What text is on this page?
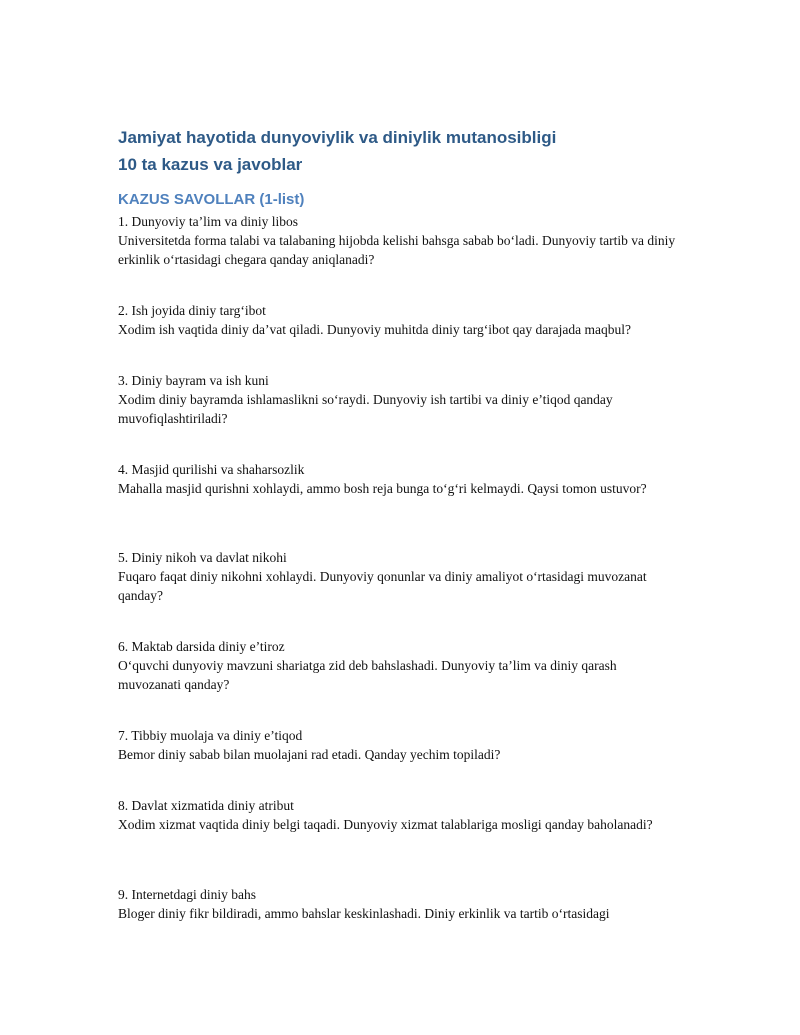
Jamiyat hayotida dunyoviylik va diniylik mutanosibligi

10 ta kazus va javoblar

KAZUS SAVOLLAR (1-list)

1. Dunyoviy ta’lim va diniy libos

Universitetda forma talabi va talabaning hijobda kelishi bahsga sabab bo‘ladi. Dunyoviy tartib va diniy erkinlik o‘rtasidagi chegara qanday aniqlanadi?

2. Ish joyida diniy targ‘ibot

Xodim ish vaqtida diniy da’vat qiladi. Dunyoviy muhitda diniy targ‘ibot qay darajada maqbul?

3. Diniy bayram va ish kuni

Xodim diniy bayramda ishlamaslikni so‘raydi. Dunyoviy ish tartibi va diniy e’tiqod qanday muvofiqlashtiriladi?

4. Masjid qurilishi va shaharsozlik

Mahalla masjid qurishni xohlaydi, ammo bosh reja bunga to‘g‘ri kelmaydi. Qaysi tomon ustuvor?

5. Diniy nikoh va davlat nikohi

Fuqaro faqat diniy nikohni xohlaydi. Dunyoviy qonunlar va diniy amaliyot o‘rtasidagi muvozanat qanday?

6. Maktab darsida diniy e’tiroz

O‘quvchi dunyoviy mavzuni shariatga zid deb bahslashadi. Dunyoviy ta’lim va diniy qarash muvozanati qanday?

7. Tibbiy muolaja va diniy e’tiqod

Bemor diniy sabab bilan muolajani rad etadi. Qanday yechim topiladi?

8. Davlat xizmatida diniy atribut

Xodim xizmat vaqtida diniy belgi taqadi. Dunyoviy xizmat talablariga mosligi qanday baholanadi?

9. Internetdagi diniy bahs

Bloger diniy fikr bildiradi, ammo bahslar keskinlashadi. Diniy erkinlik va tartib o‘rtasidagi
